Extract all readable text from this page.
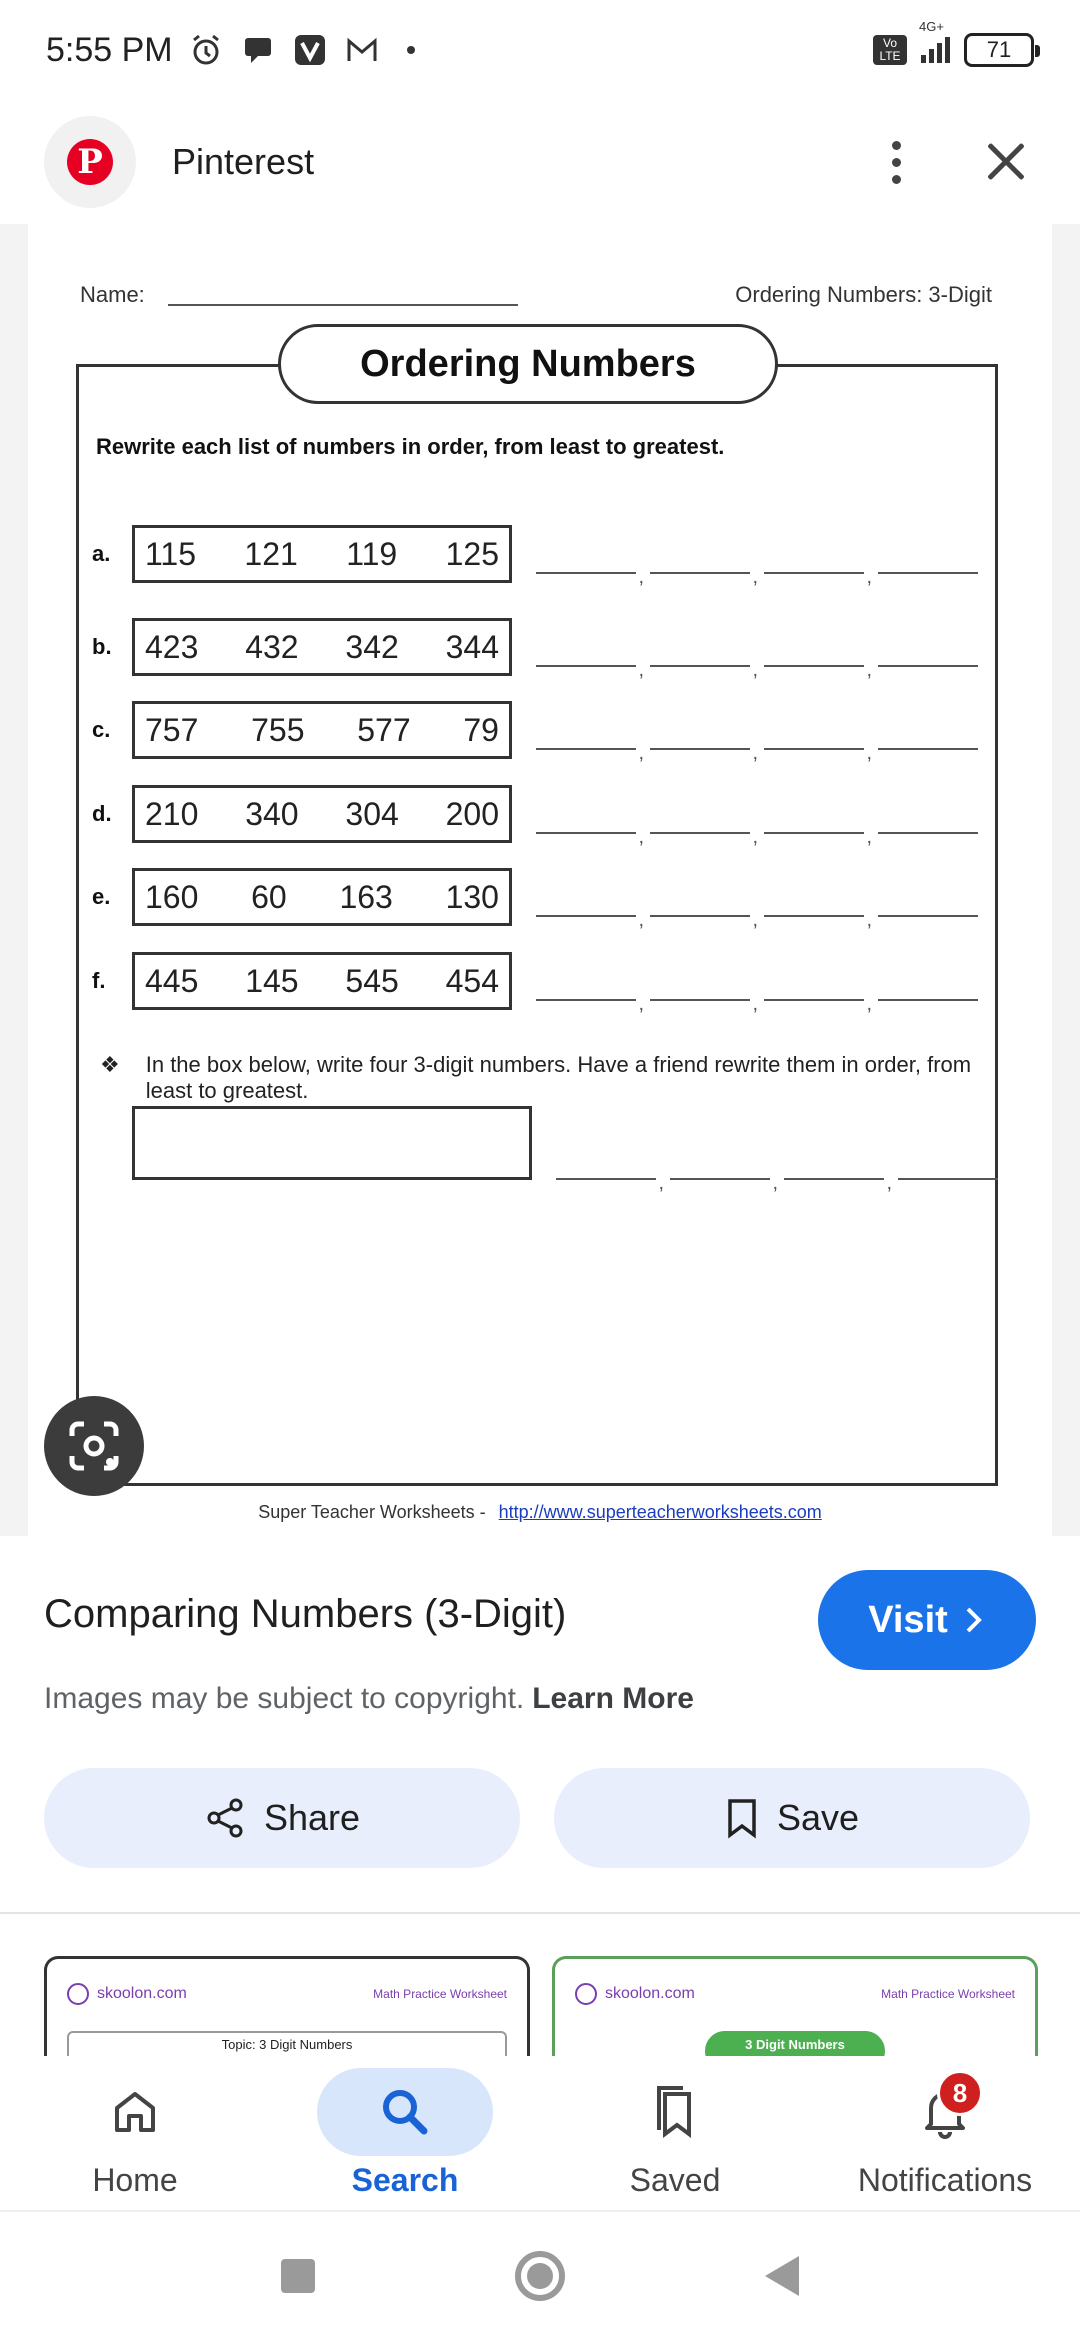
5:55 PM	Vo LTE
4G+
71
P Pinterest
Name:	Ordering Numbers: 3-Digit
Ordering Numbers
Rewrite each list of numbers in order, from least to greatest.
a.	115 121 119 125
,
,
,
b.	423 432 342 344
,
,
,
c.	757 755 577 79
,
,
,
d.	210 340 304 200
,
,
,
e.	160 60 163 130
,
,
,
f.	445 145 545 454
,
,
,
❖ In the box below, write four 3-digit numbers. Have a friend rewrite them in order, from least to greatest.
,
,
,
Super Teacher Worksheets - http://www.superteacherworksheets.com
Comparing Numbers (3-Digit)	Visit
Images may be subject to copyright. Learn More
Share	Save
skoolon.com	Math Practice Worksheet
Topic: 3 Digit Numbers
skoolon.com	Math Practice Worksheet
3 Digit Numbers
Home	Search	Saved
8
Notifications
